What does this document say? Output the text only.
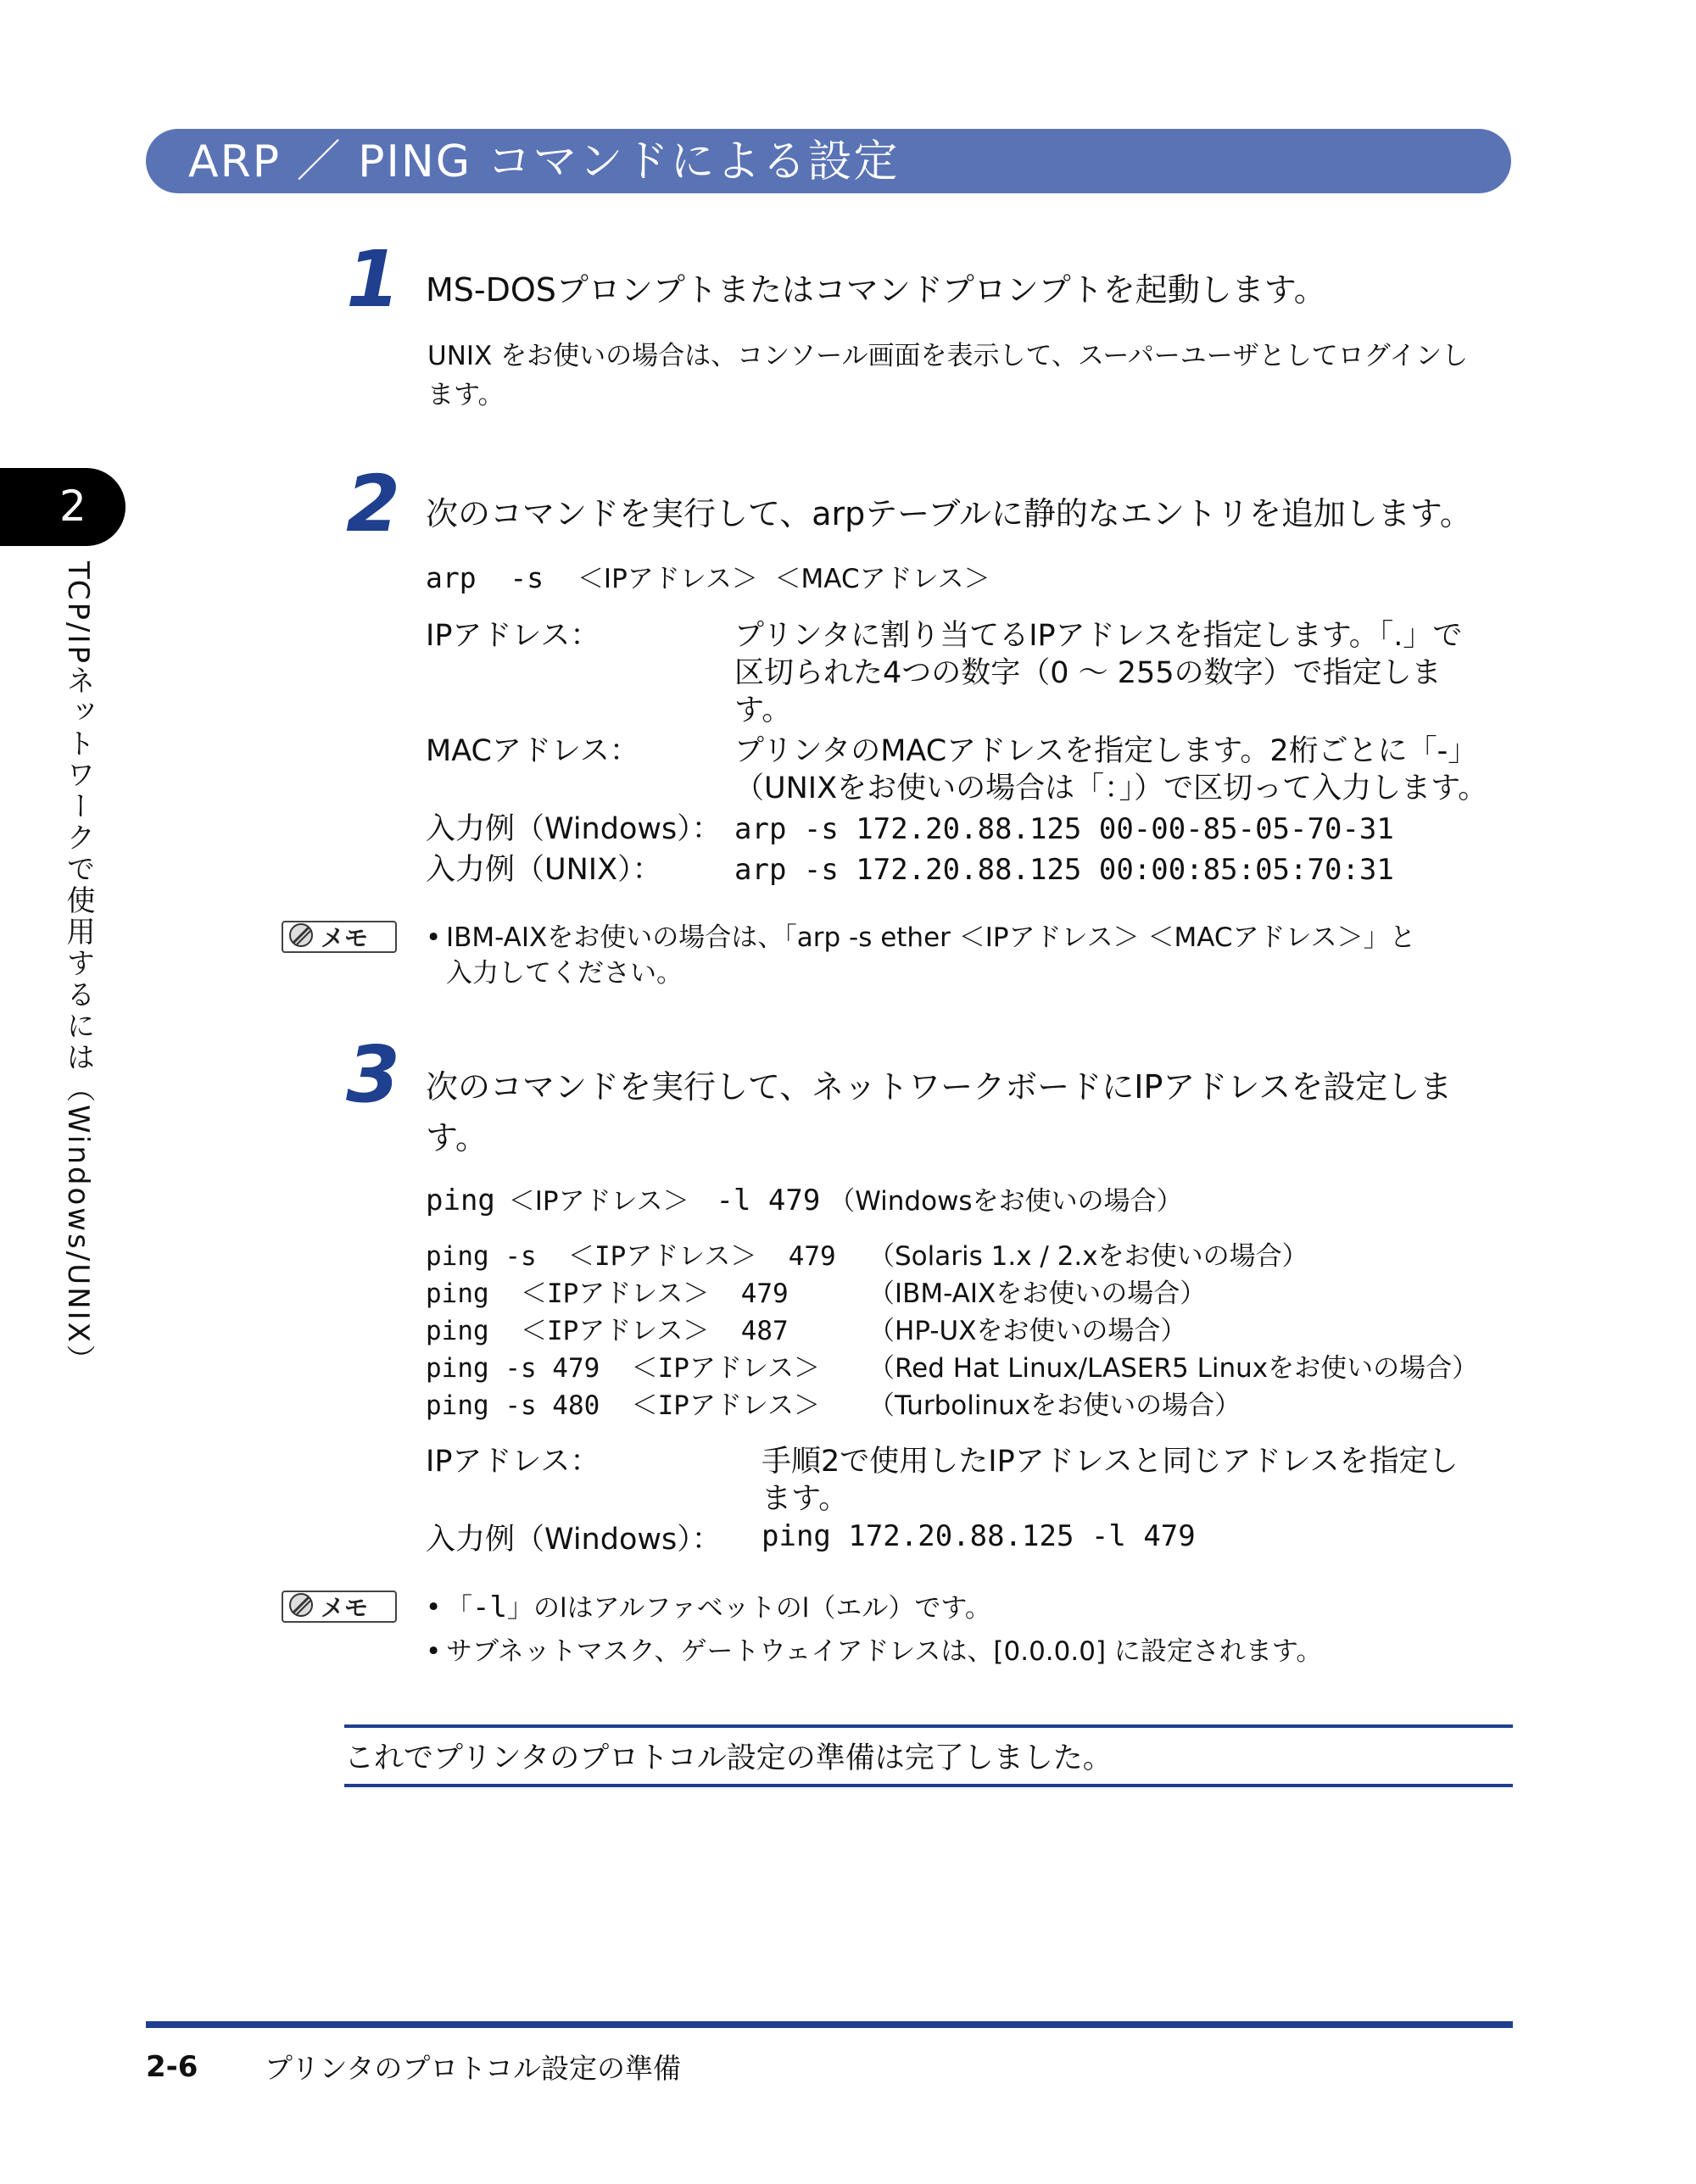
ARP ／ PING コマンドによる設定
2
TCP/IPネットワークで使用するには（Windows/UNIX）
1 MS-DOSプロンプトまたはコマンドプロンプトを起動します。
UNIX をお使いの場合は、コンソール画面を表示して、スーパーユーザとしてログインし
ます。
2 次のコマンドを実行して、arpテーブルに静的なエントリを追加します。
arp  -s ＜IPアドレス＞  ＜MACアドレス＞
IPアドレス：	プリンタに割り当てるIPアドレスを指定します。「.」で
区切られた4つの数字（0 ～ 255の数字）で指定しま
す。
MACアドレス：	プリンタのMACアドレスを指定します。2桁ごとに「-」
（UNIXをお使いの場合は「：」）で区切って入力します。
入力例（Windows）： arp -s 172.20.88.125 00-00-85-05-70-31
入力例（UNIX）：	arp -s 172.20.88.125 00:00:85:05:70:31
メモ • IBM-AIXをお使いの場合は、「arp -s ether ＜IPアドレス＞ ＜MACアドレス＞」と
入力してください。
3 次のコマンドを実行して、ネットワークボードにIPアドレスを設定しま
す。
ping ＜IPアドレス＞ -l 479 （Windowsをお使いの場合）
ping -s  ＜IPアドレス＞  479 （Solaris 1.x / 2.xをお使いの場合）
ping  ＜IPアドレス＞  479	（IBM-AIXをお使いの場合）
ping  ＜IPアドレス＞  487	（HP-UXをお使いの場合）
ping -s 479  ＜IPアドレス＞ （Red Hat Linux/LASER5 Linuxをお使いの場合）
ping -s 480  ＜IPアドレス＞ （Turbolinuxをお使いの場合）
IPアドレス：	手順2で使用したIPアドレスと同じアドレスを指定し
ます。
入力例（Windows）： ping 172.20.88.125 -l 479
メモ • 「-l」のlはアルファベットのl（エル）です。
• サブネットマスク、ゲートウェイアドレスは、[0.0.0.0] に設定されます。
これでプリンタのプロトコル設定の準備は完了しました。
2-6 プリンタのプロトコル設定の準備
